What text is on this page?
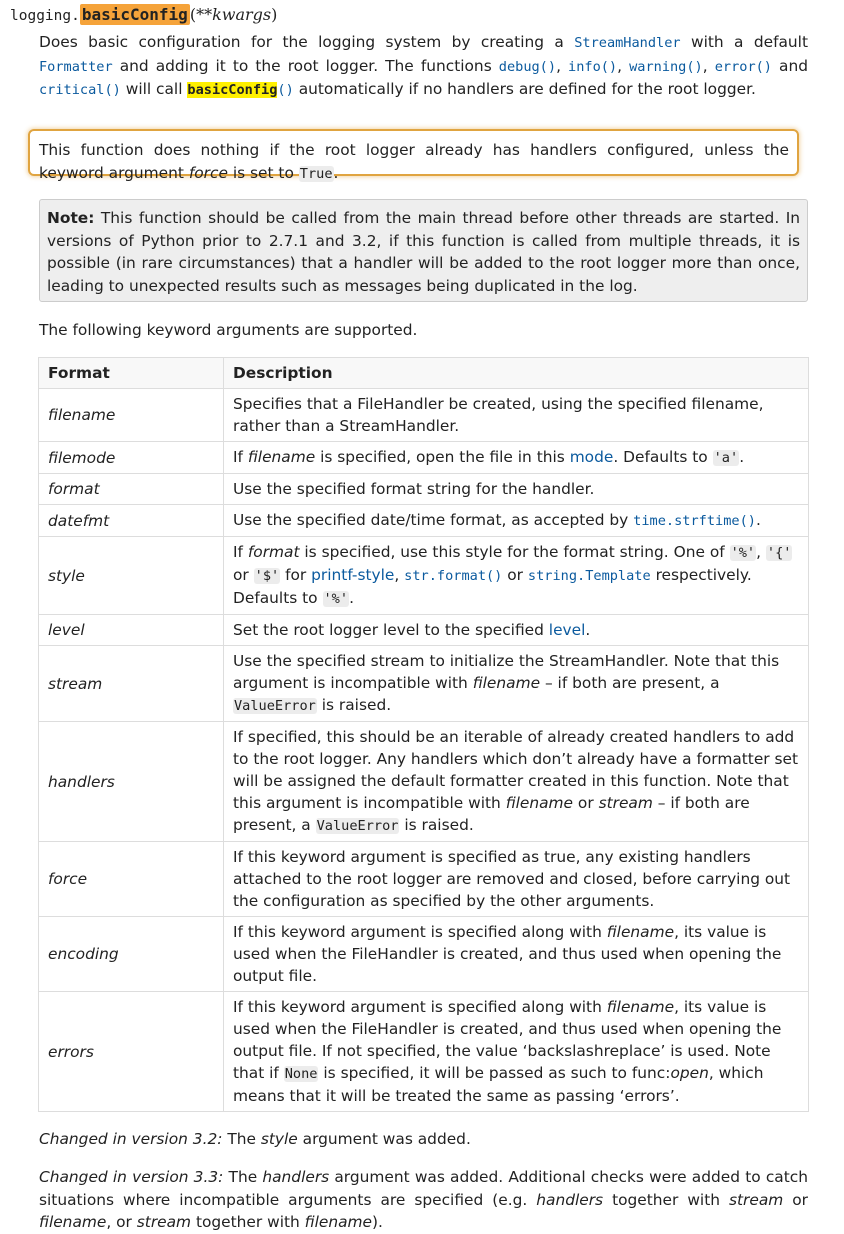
logging. basicConfig (**kwargs)
Does basic configuration for the logging system by creating a StreamHandler with a default Formatter and adding it to the root logger. The functions debug(), info(), warning(), error() and critical() will call basicConfig() automatically if no handlers are defined for the root logger.
This function does nothing if the root logger already has handlers configured, unless the keyword argument force is set to True.
Note: This function should be called from the main thread before other threads are started. In versions of Python prior to 2.7.1 and 3.2, if this function is called from multiple threads, it is possible (in rare circumstances) that a handler will be added to the root logger more than once, leading to unexpected results such as messages being duplicated in the log.
The following keyword arguments are supported.
Format	Description
filename	Specifies that a FileHandler be created, using the specified filename, rather than a StreamHandler.
filemode	If filename is specified, open the file in this mode. Defaults to 'a'.
format	Use the specified format string for the handler.
datefmt	Use the specified date/time format, as accepted by time.strftime().
style	If format is specified, use this style for the format string. One of '%', '{' or '$' for printf-style, str.format() or string.Template respectively. Defaults to '%'.
level	Set the root logger level to the specified level.
stream	Use the specified stream to initialize the StreamHandler. Note that this argument is incompatible with filename – if both are present, a ValueError is raised.
handlers	If specified, this should be an iterable of already created handlers to add to the root logger. Any handlers which don’t already have a formatter set will be assigned the default formatter created in this function. Note that this argument is incompatible with filename or stream – if both are present, a ValueError is raised.
force	If this keyword argument is specified as true, any existing handlers attached to the root logger are removed and closed, before carrying out the configuration as specified by the other arguments.
encoding	If this keyword argument is specified along with filename, its value is used when the FileHandler is created, and thus used when opening the output file.
errors	If this keyword argument is specified along with filename, its value is used when the FileHandler is created, and thus used when opening the output file. If not specified, the value ‘backslashreplace’ is used. Note that if None is specified, it will be passed as such to func:open, which means that it will be treated the same as passing ‘errors’.
Changed in version 3.2: The style argument was added.
Changed in version 3.3: The handlers argument was added. Additional checks were added to catch situations where incompatible arguments are specified (e.g. handlers together with stream or filename, or stream together with filename).
